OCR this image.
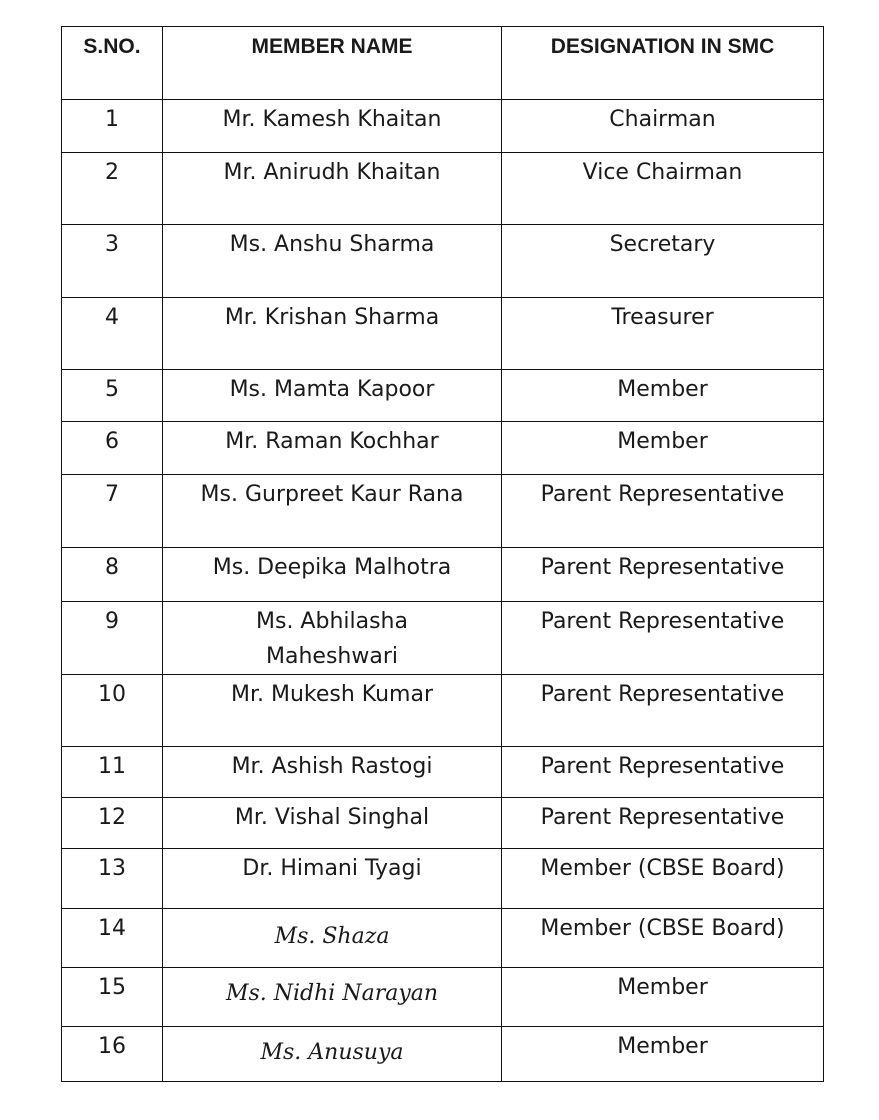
S.NO.	MEMBER NAME	DESIGNATION IN SMC
1	Mr. Kamesh Khaitan	Chairman
2	Mr. Anirudh Khaitan	Vice Chairman
3	Ms. Anshu Sharma	Secretary
4	Mr. Krishan Sharma	Treasurer
5	Ms. Mamta Kapoor	Member
6	Mr. Raman Kochhar	Member
7	Ms. Gurpreet Kaur Rana	Parent Representative
8	Ms. Deepika Malhotra	Parent Representative
9	Ms. Abhilasha Maheshwari	Parent Representative
10	Mr. Mukesh Kumar	Parent Representative
11	Mr. Ashish Rastogi	Parent Representative
12	Mr. Vishal Singhal	Parent Representative
13	Dr. Himani Tyagi	Member (CBSE Board)
14	Ms. Shaza	Member (CBSE Board)
15	Ms. Nidhi Narayan	Member
16	Ms. Anusuya	Member
